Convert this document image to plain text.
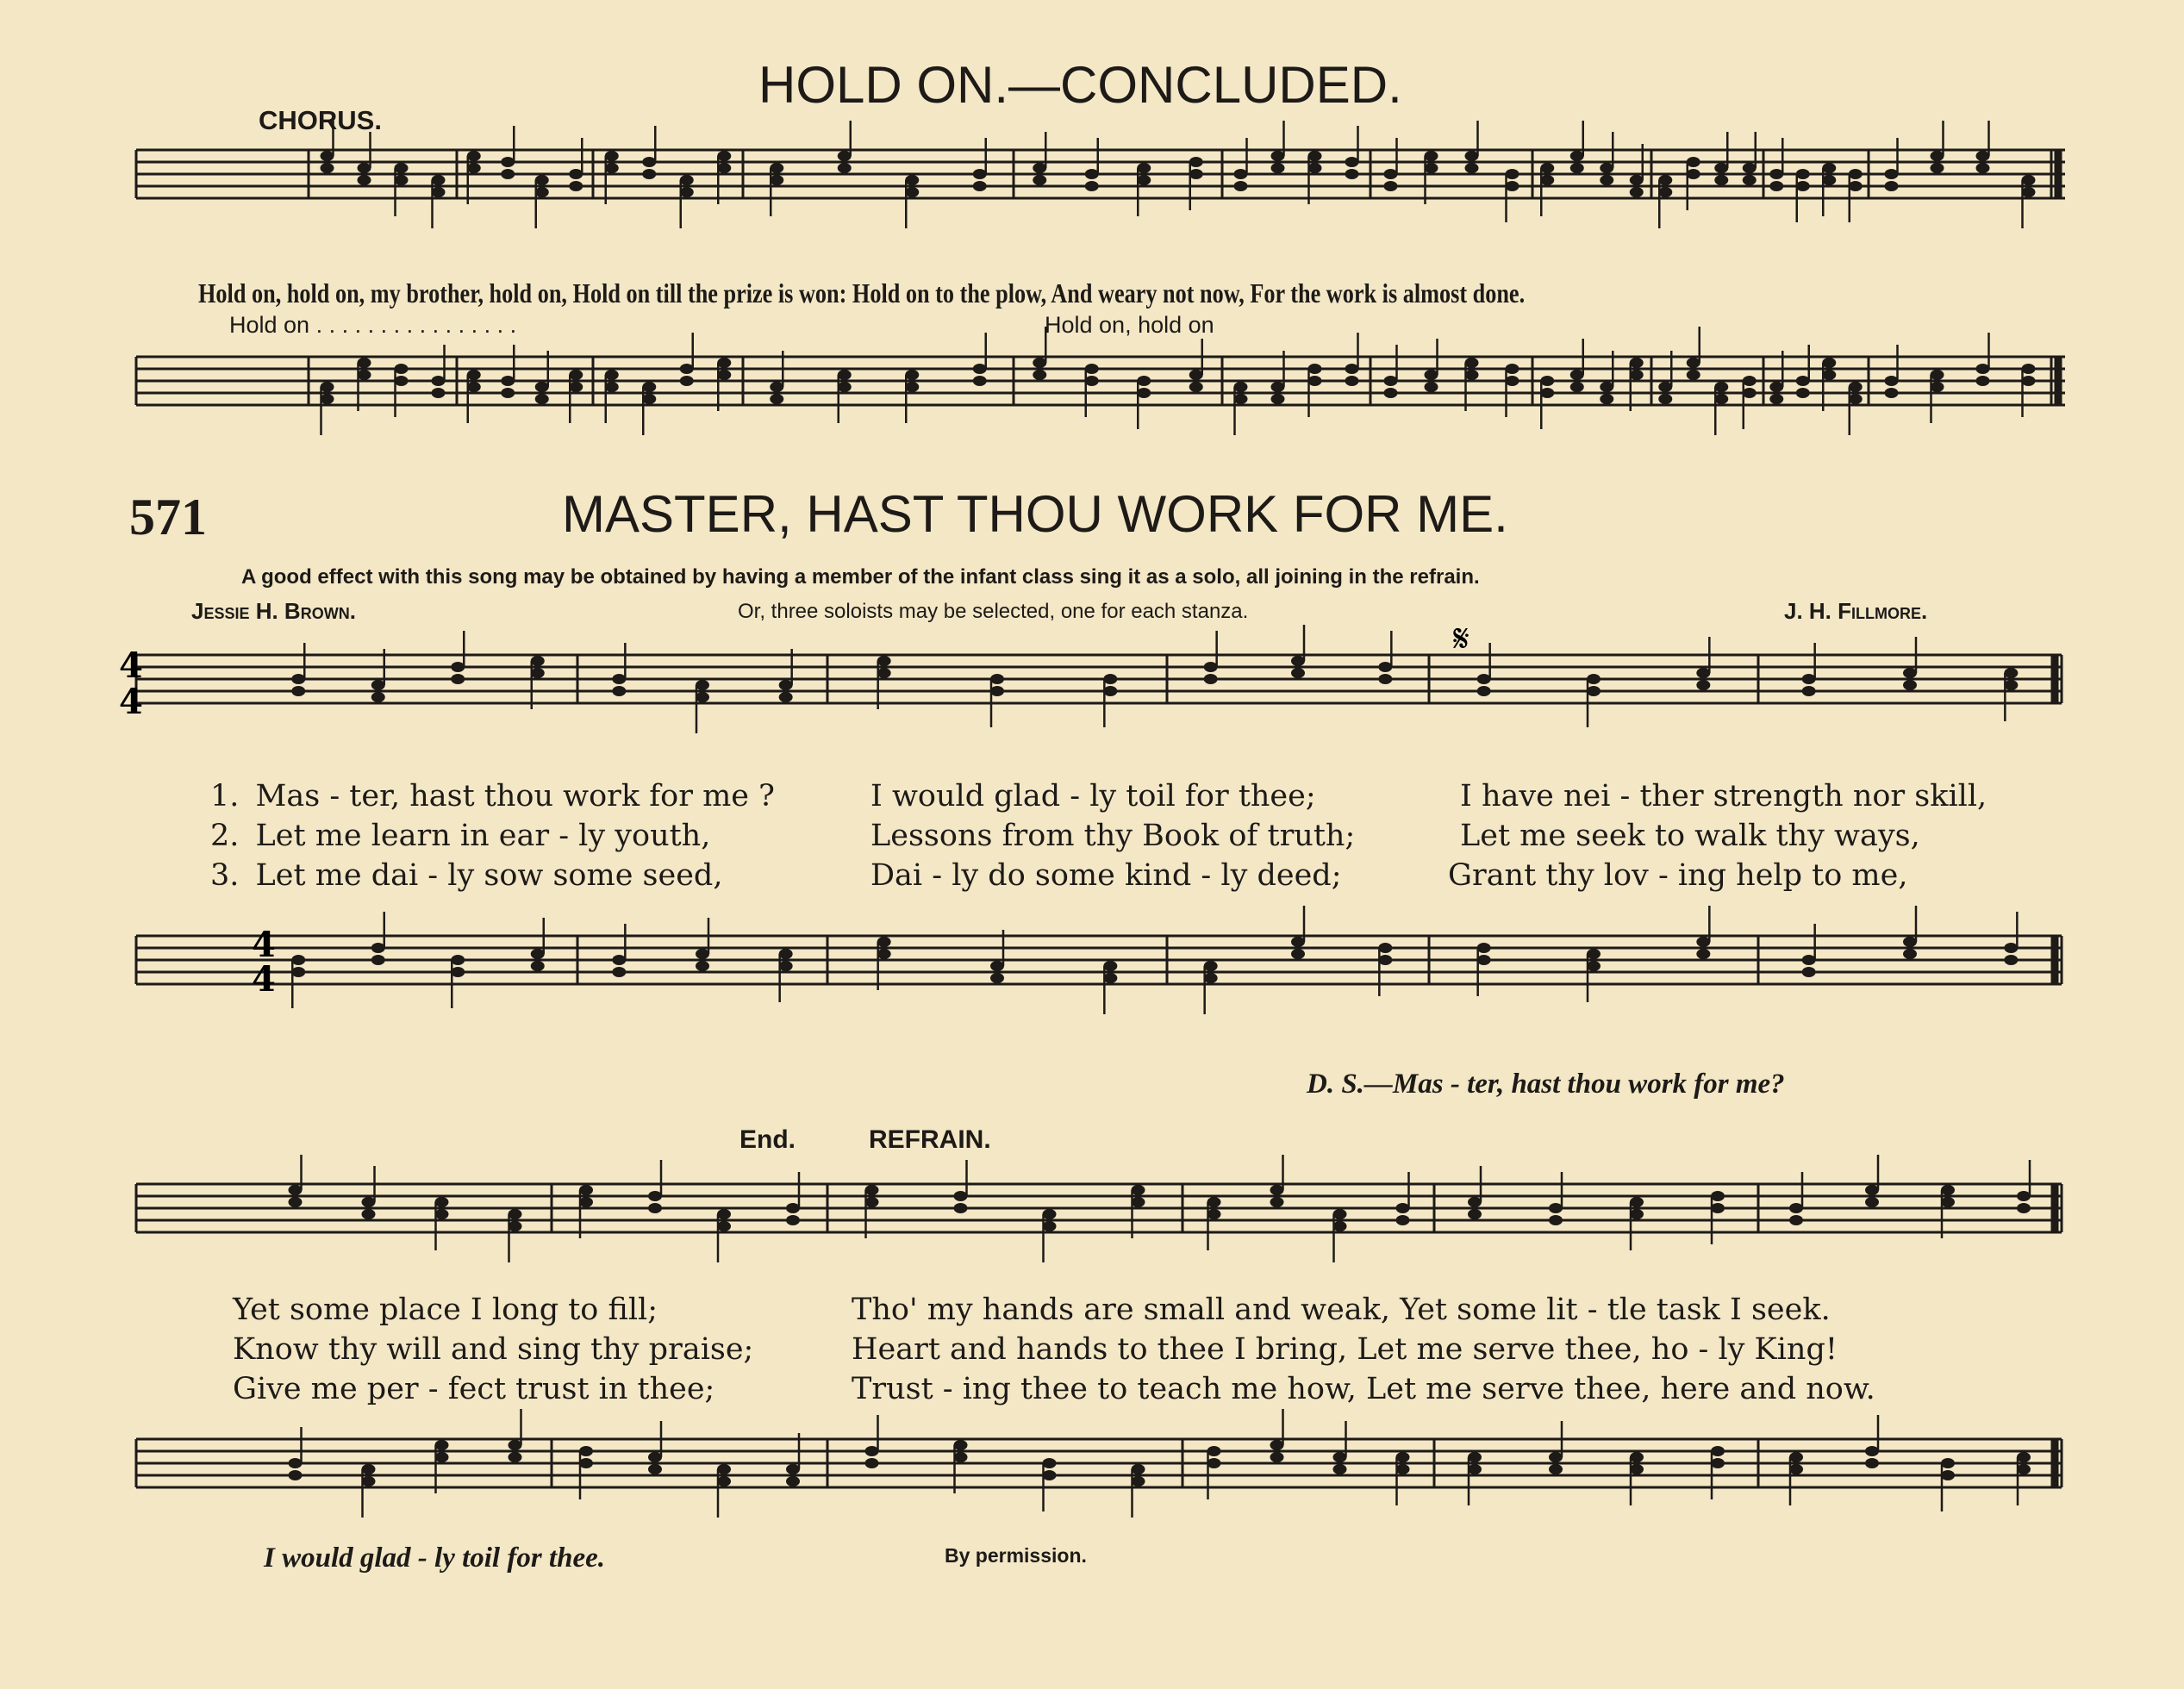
HOLD ON.—CONCLUDED.
CHORUS.
Hold on, hold on, my brother, hold on, Hold on till the prize is won: Hold on to the plow, And weary not now, For the work is almost done.
Hold on . . . . . . . . . . . . . . . .	Hold on, hold on
571	MASTER, HAST THOU WORK FOR ME.
A good effect with this song may be obtained by having a member of the infant class sing it as a solo, all joining in the refrain.
Jessie H. Brown.	Or, three soloists may be selected, one for each stanza.	J. H. Fillmore.
4
4
4
4
𝄋
1. Mas - ter, hast thou work for me ?	I would glad - ly toil for thee;	I have nei - ther strength nor skill,
2. Let me learn in ear - ly youth,	Lessons from thy Book of truth;	Let me seek to walk thy ways,
3. Let me dai - ly sow some seed,	Dai - ly do some kind - ly deed;	Grant thy lov - ing help to me,
D. S.—Mas - ter, hast thou work for me?
End.	REFRAIN.
Yet some place I long to fill;	Tho' my hands are small and weak, Yet some lit - tle task I seek.
Know thy will and sing thy praise;	Heart and hands to thee I bring, Let me serve thee, ho - ly King!
Give me per - fect trust in thee;	Trust - ing thee to teach me how, Let me serve thee, here and now.
I would glad - ly toil for thee.	By permission.
